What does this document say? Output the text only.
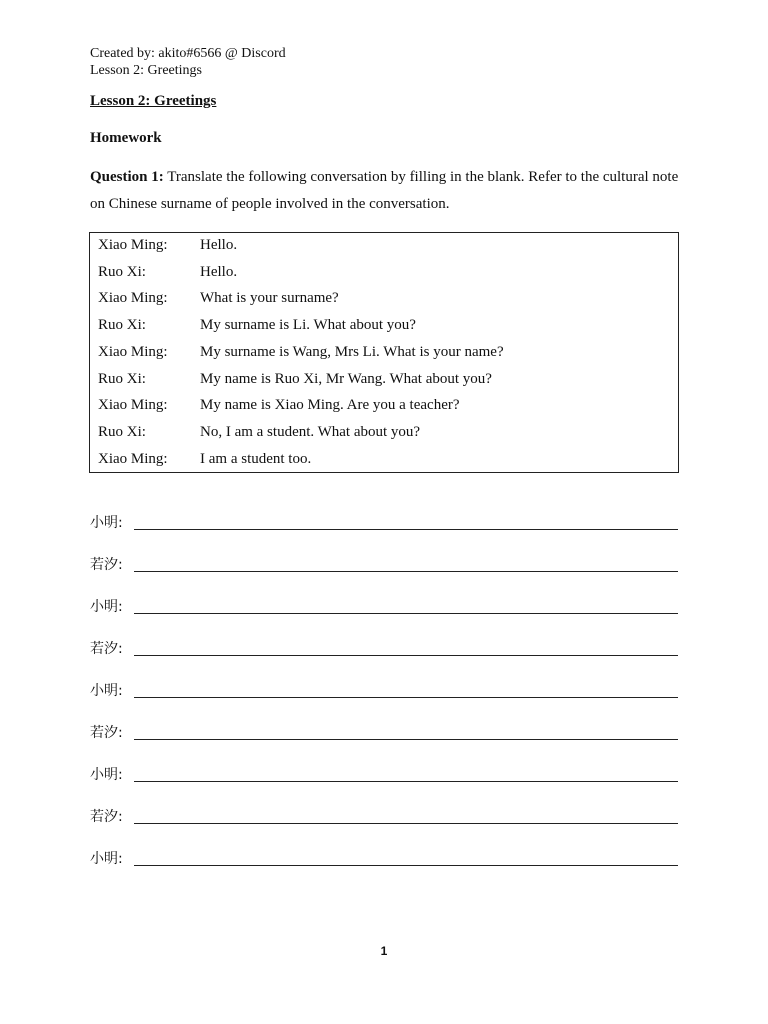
Created by: akito#6566 @ Discord
Lesson 2: Greetings
Lesson 2: Greetings
Homework
Question 1: Translate the following conversation by filling in the blank. Refer to the cultural note on Chinese surname of people involved in the conversation.
Xiao Ming: Hello.
Ruo Xi:	Hello.
Xiao Ming: What is your surname?
Ruo Xi:	My surname is Li. What about you?
Xiao Ming: My surname is Wang, Mrs Li. What is your name?
Ruo Xi:	My name is Ruo Xi, Mr Wang. What about you?
Xiao Ming: My name is Xiao Ming. Are you a teacher?
Ruo Xi:	No, I am a student. What about you?
Xiao Ming: I am a student too.
小明:
若汐:
小明:
若汐:
小明:
若汐:
小明:
若汐:
小明:
1
